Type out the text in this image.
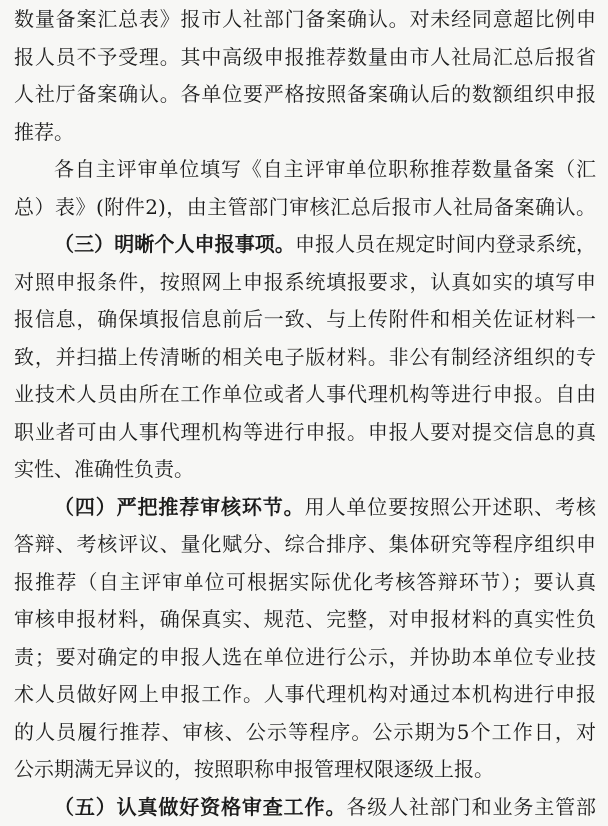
数量备案汇总表》报市人社部门备案确认。对未经同意超比例申
报人员不予受理。其中高级申报推荐数量由市人社局汇总后报省
人社厅备案确认。各单位要严格按照备案确认后的数额组织申报
推荐。
各自主评审单位填写《自主评审单位职称推荐数量备案（汇
总）表》(附件2)，由主管部门审核汇总后报市人社局备案确认。
（三）明晰个人申报事项。申报人员在规定时间内登录系统，
对照申报条件，按照网上申报系统填报要求，认真如实的填写申
报信息，确保填报信息前后一致、与上传附件和相关佐证材料一
致，并扫描上传清晰的相关电子版材料。非公有制经济组织的专
业技术人员由所在工作单位或者人事代理机构等进行申报。自由
职业者可由人事代理机构等进行申报。申报人要对提交信息的真
实性、准确性负责。
（四）严把推荐审核环节。用人单位要按照公开述职、考核
答辩、考核评议、量化赋分、综合排序、集体研究等程序组织申
报推荐（自主评审单位可根据实际优化考核答辩环节）；要认真
审核申报材料，确保真实、规范、完整，对申报材料的真实性负
责；要对确定的申报人选在单位进行公示，并协助本单位专业技
术人员做好网上申报工作。人事代理机构对通过本机构进行申报
的人员履行推荐、审核、公示等程序。公示期为5个工作日，对
公示期满无异议的，按照职称申报管理权限逐级上报。
（五）认真做好资格审查工作。各级人社部门和业务主管部
